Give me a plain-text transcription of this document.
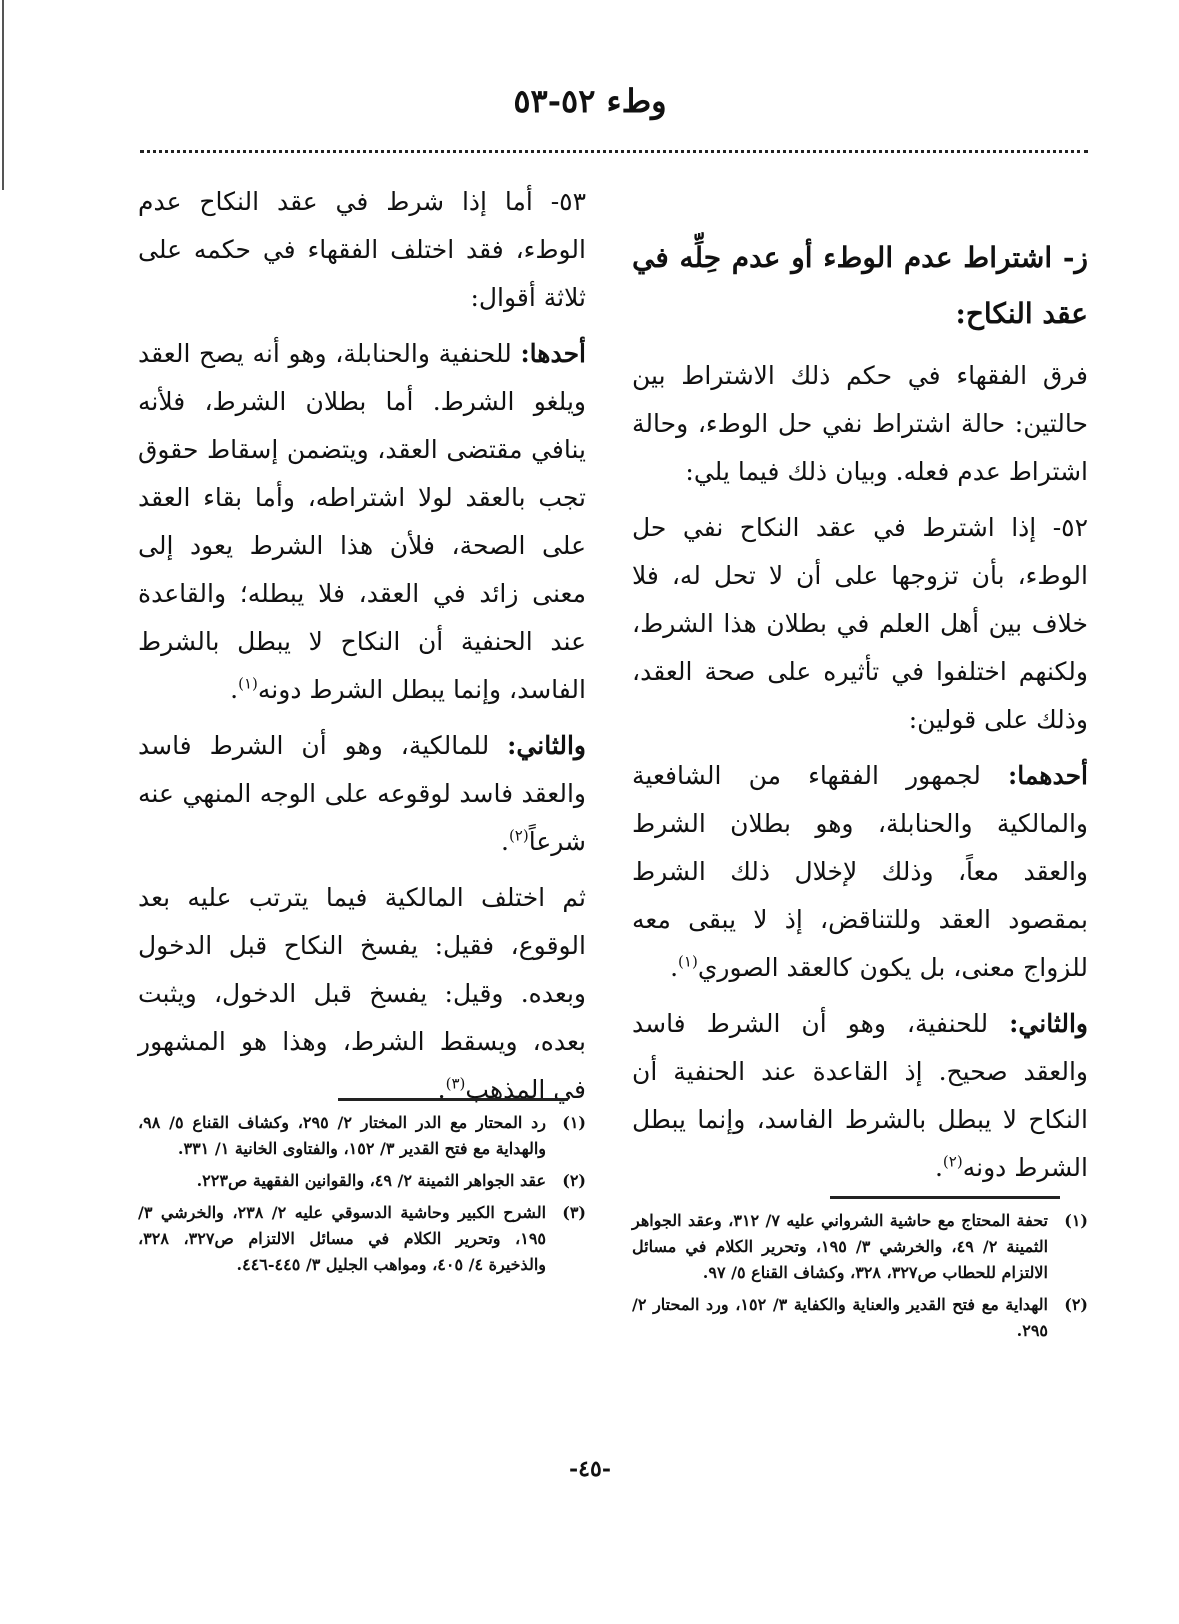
وطء ٥٢-٥٣

ز- اشتراط عدم الوطء أو عدم حِلِّه في عقد النكاح:

فرق الفقهاء في حكم ذلك الاشتراط بين حالتين: حالة اشتراط نفي حل الوطء، وحالة اشتراط عدم فعله. وبيان ذلك فيما يلي:

٥٢- إذا اشترط في عقد النكاح نفي حل الوطء، بأن تزوجها على أن لا تحل له، فلا خلاف بين أهل العلم في بطلان هذا الشرط، ولكنهم اختلفوا في تأثيره على صحة العقد، وذلك على قولين:

أحدهما: لجمهور الفقهاء من الشافعية والمالكية والحنابلة، وهو بطلان الشرط والعقد معاً، وذلك لإخلال ذلك الشرط بمقصود العقد وللتناقض، إذ لا يبقى معه للزواج معنى، بل يكون كالعقد الصوري$^{(١)}$.

والثاني: للحنفية، وهو أن الشرط فاسد والعقد صحيح. إذ القاعدة عند الحنفية أن النكاح لا يبطل بالشرط الفاسد، وإنما يبطل الشرط دونه$^{(٢)}$.

٥٣- أما إذا شرط في عقد النكاح عدم الوطء، فقد اختلف الفقهاء في حكمه على ثلاثة أقوال:

أحدها: للحنفية والحنابلة، وهو أنه يصح العقد ويلغو الشرط. أما بطلان الشرط، فلأنه ينافي مقتضى العقد، ويتضمن إسقاط حقوق تجب بالعقد لولا اشتراطه، وأما بقاء العقد على الصحة، فلأن هذا الشرط يعود إلى معنى زائد في العقد، فلا يبطله؛ والقاعدة عند الحنفية أن النكاح لا يبطل بالشرط الفاسد، وإنما يبطل الشرط دونه$^{(١)}$.

والثاني: للمالكية، وهو أن الشرط فاسد والعقد فاسد لوقوعه على الوجه المنهي عنه شرعاً$^{(٢)}$.

ثم اختلف المالكية فيما يترتب عليه بعد الوقوع، فقيل: يفسخ النكاح قبل الدخول وبعده. وقيل: يفسخ قبل الدخول، ويثبت بعده، ويسقط الشرط، وهذا هو المشهور في المذهب$^{(٣)}$.

(١)
رد المحتار مع الدر المختار ٢/ ٢٩٥، وكشاف القناع ٥/ ٩٨، والهداية مع فتح القدير ٣/ ١٥٢، والفتاوى الخانية ١/ ٣٣١.
(٢)
عقد الجواهر الثمينة ٢/ ٤٩، والقوانين الفقهية ص٢٢٣.
(٣)
الشرح الكبير وحاشية الدسوقي عليه ٢/ ٢٣٨، والخرشي ٣/ ١٩٥، وتحرير الكلام في مسائل الالتزام ص٣٢٧، ٣٢٨، والذخيرة ٤/ ٤٠٥، ومواهب الجليل ٣/ ٤٤٥-٤٤٦.
(١)
تحفة المحتاج مع حاشية الشرواني عليه ٧/ ٣١٢، وعقد الجواهر الثمينة ٢/ ٤٩، والخرشي ٣/ ١٩٥، وتحرير الكلام في مسائل الالتزام للحطاب ص٣٢٧، ٣٢٨، وكشاف القناع ٥/ ٩٧.
(٢)
الهداية مع فتح القدير والعناية والكفاية ٣/ ١٥٢، ورد المحتار ٢/ ٢٩٥.
-٤٥-
